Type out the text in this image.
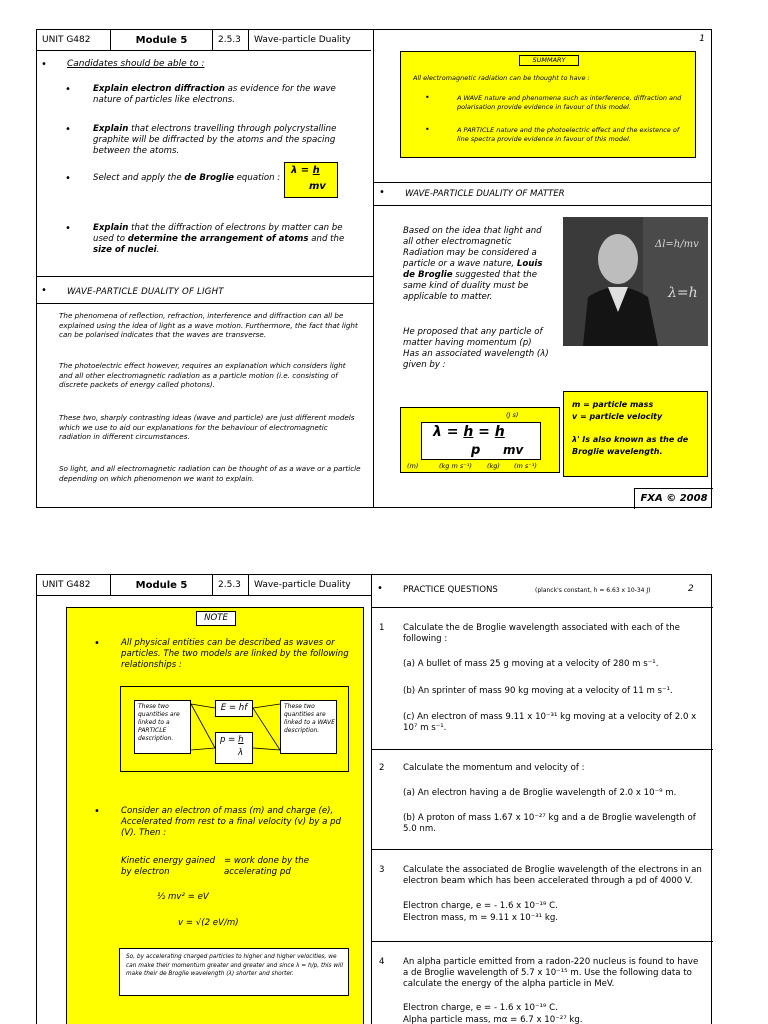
UNIT G482	Module 5	2.5.3	Wave-particle Duality	1
• Candidates should be able to :
•	Explain electron diffraction as evidence for the wave nature of particles like electrons.
•	Explain that electrons travelling through polycrystalline graphite will be diffracted by the atoms and the spacing between the atoms.
•	Select and apply the de Broglie equation :
λ = h
mv
•	Explain that the diffraction of electrons by matter can be used to determine the arrangement of atoms and the size of nuclei.
• WAVE-PARTICLE DUALITY OF LIGHT
The phenomena of reflection, refraction, interference and diffraction can all be explained using the idea of light as a wave motion. Furthermore, the fact that light can be polarised indicates that the waves are transverse.
The photoelectric effect however, requires an explanation which considers light and all other electromagnetic radiation as a particle motion (i.e. consisting of discrete packets of energy called photons).
These two, sharply contrasting ideas (wave and particle) are just different models which we use to aid our explanations for the behaviour of electromagnetic radiation in different circumstances.
So light, and all electromagnetic radiation can be thought of as a wave or a particle depending on which phenomenon we want to explain.
SUMMARY
All electromagnetic radiation can be thought to have :
•	A WAVE nature and phenomena such as interference, diffraction and polarisation provide evidence in favour of this model.
•	A PARTICLE nature and the photoelectric effect and the existence of line spectra provide evidence in favour of this model.
• WAVE-PARTICLE DUALITY OF MATTER
Based on the idea that light and all other electromagnetic Radiation may be considered a particle or a wave nature, Louis de Broglie suggested that the same kind of duality must be applicable to matter.
He proposed that any particle of matter having momentum (p) Has an associated wavelength (λ) given by :
Δl=h/mv
λ=h
(J s)
λ = h = h
p mv
(m)	(kg m s⁻¹) (kg) (m s⁻¹)
m = particle mass
v = particle velocity
λ' Is also known as the de Broglie wavelength.
FXA © 2008
UNIT G482	Module 5	2.5.3	Wave-particle Duality
NOTE
• All physical entities can be described as waves or particles. The two models are linked by the following relationships :
These two quantities are linked to a PARTICLE description.
These two quantities are linked to a WAVE description.
E = hf
p = h
λ
• Consider an electron of mass (m) and charge (e), Accelerated from rest to a final velocity (v) by a pd (V). Then :
Kinetic energy gained by electron
= work done by the accelerating pd
½ mv² = eV
v = √(2 eV/m)
So, by accelerating charged particles to higher and higher velocities, we can make their momentum greater and greater and since λ = h/p, this will make their de Broglie wavelength (λ) shorter and shorter.
• PRACTICE QUESTIONS	(planck's constant, h = 6.63 x 10-34 J)	2
1 Calculate the de Broglie wavelength associated with each of the following :
(a) A bullet of mass 25 g moving at a velocity of 280 m s⁻¹.
(b) An sprinter of mass 90 kg moving at a velocity of 11 m s⁻¹.
(c) An electron of mass 9.11 x 10⁻³¹ kg moving at a velocity of 2.0 x 10⁷ m s⁻¹.
2 Calculate the momentum and velocity of :
(a) An electron having a de Broglie wavelength of 2.0 x 10⁻⁹ m.
(b) A proton of mass 1.67 x 10⁻²⁷ kg and a de Broglie wavelength of 5.0 nm.
3 Calculate the associated de Broglie wavelength of the electrons in an electron beam which has been accelerated through a pd of 4000 V.
Electron charge, e = - 1.6 x 10⁻¹⁹ C.
Electron mass, m = 9.11 x 10⁻³¹ kg.
4 An alpha particle emitted from a radon-220 nucleus is found to have a de Broglie wavelength of 5.7 x 10⁻¹⁵ m. Use the following data to calculate the energy of the alpha particle in MeV.
Electron charge, e = - 1.6 x 10⁻¹⁹ C.
Alpha particle mass, mα = 6.7 x 10⁻²⁷ kg.
